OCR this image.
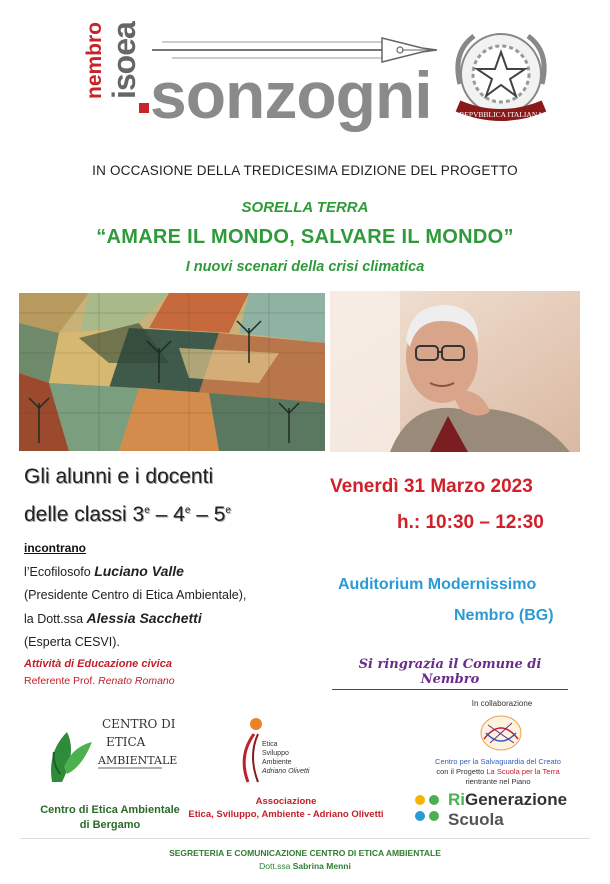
isoea
nembro sonzogni	REPVBBLICA ITALIANA
IN OCCASIONE DELLA TREDICESIMA EDIZIONE DEL PROGETTO
SORELLA TERRA
“AMARE IL MONDO, SALVARE IL MONDO”
I nuovi scenari della crisi climatica
Gli alunni e i docenti
delle classi 3e – 4e – 5e
Venerdì 31 Marzo 2023
h.: 10:30 – 12:30
incontrano
l’Ecofilosofo Luciano Valle
(Presidente Centro di Etica Ambientale),
la Dott.ssa Alessia Sacchetti
(Esperta CESVI).
Auditorium Modernissimo
Nembro (BG)
Attività di Educazione civica
Referente Prof. Renato Romano
Si ringrazia il Comune di Nembro
CENTRO DI
ETICA
AMBIENTALE
Centro di Etica Ambientale
di Bergamo
Etica
Sviluppo
Ambiente
Adriano Olivetti
Associazione
Etica, Sviluppo, Ambiente - Adriano Olivetti
In collaborazione
Centro per la Salvaguardia del Creato
con il Progetto La Scuola per la Terra
rientrante nel Piano
RiGenerazione
Scuola
SEGRETERIA E COMUNICAZIONE CENTRO DI ETICA AMBIENTALE
Dott.ssa Sabrina Menni
